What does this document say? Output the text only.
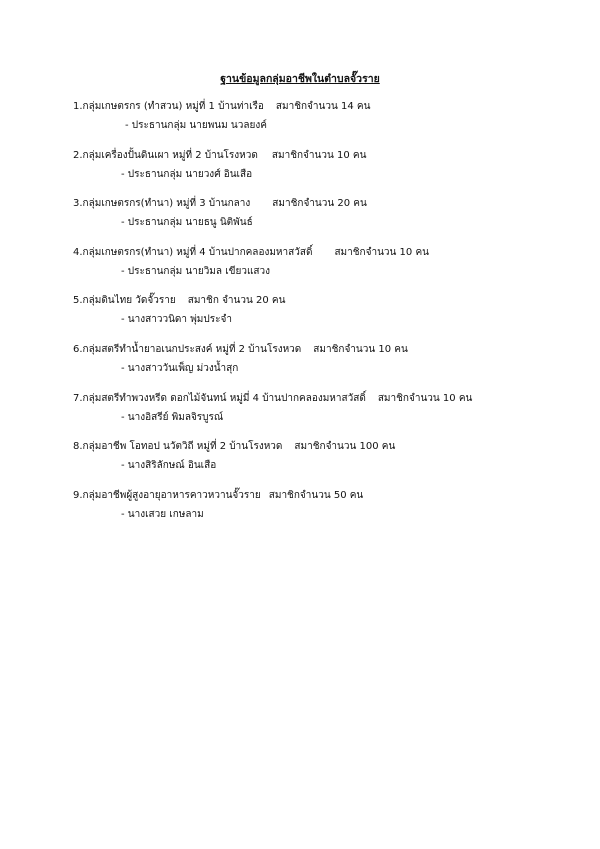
ฐานข้อมูลกลุ่มอาชีพในตำบลจั๊วราย
1.กลุ่มเกษตรกร (ทำสวน) หมู่ที่ 1 บ้านท่าเรือ สมาชิกจำนวน 14 คน
- ประธานกลุ่ม นายพนม นวลยงค์
2.กลุ่มเครื่องปั้นดินเผา หมู่ที่ 2 บ้านโรงหวด สมาชิกจำนวน 10 คน
- ประธานกลุ่ม นายวงศ์ อินเสือ
3.กลุ่มเกษตรกร(ทำนา) หมู่ที่ 3 บ้านกลาง สมาชิกจำนวน 20 คน
- ประธานกลุ่ม นายธนู นิติพันธ์
4.กลุ่มเกษตรกร(ทำนา) หมู่ที่ 4 บ้านปากคลองมหาสวัสดิ์ สมาชิกจำนวน 10 คน
- ประธานกลุ่ม นายวิมล เขียวแสวง
5.กลุ่มดินไทย วัดจั๊วราย สมาชิก จำนวน 20 คน
- นางสาววนิดา พุ่มประจำ
6.กลุ่มสตรีทำน้ำยาอเนกประสงค์ หมู่ที่ 2 บ้านโรงหวด สมาชิกจำนวน 10 คน
- นางสาววันเพ็ญ ม่วงน้ำสุก
7.กลุ่มสตรีทำพวงหรีด ดอกไม้จันทน์ หมู่มี่ 4 บ้านปากคลองมหาสวัสดิ์ สมาชิกจำนวน 10 คน
- นางอิสรีย์ พิมลจิรบูรณ์
8.กลุ่มอาชีพ โอทอป นวัตวิถี หมู่ที่ 2 บ้านโรงหวด สมาชิกจำนวน 100 คน
- นางสิริลักษณ์ อินเสือ
9.กลุ่มอาชีพผู้สูงอายุอาหารคาวหวานจั๊วราย สมาชิกจำนวน 50 คน
- นางเสวย เกษลาม
